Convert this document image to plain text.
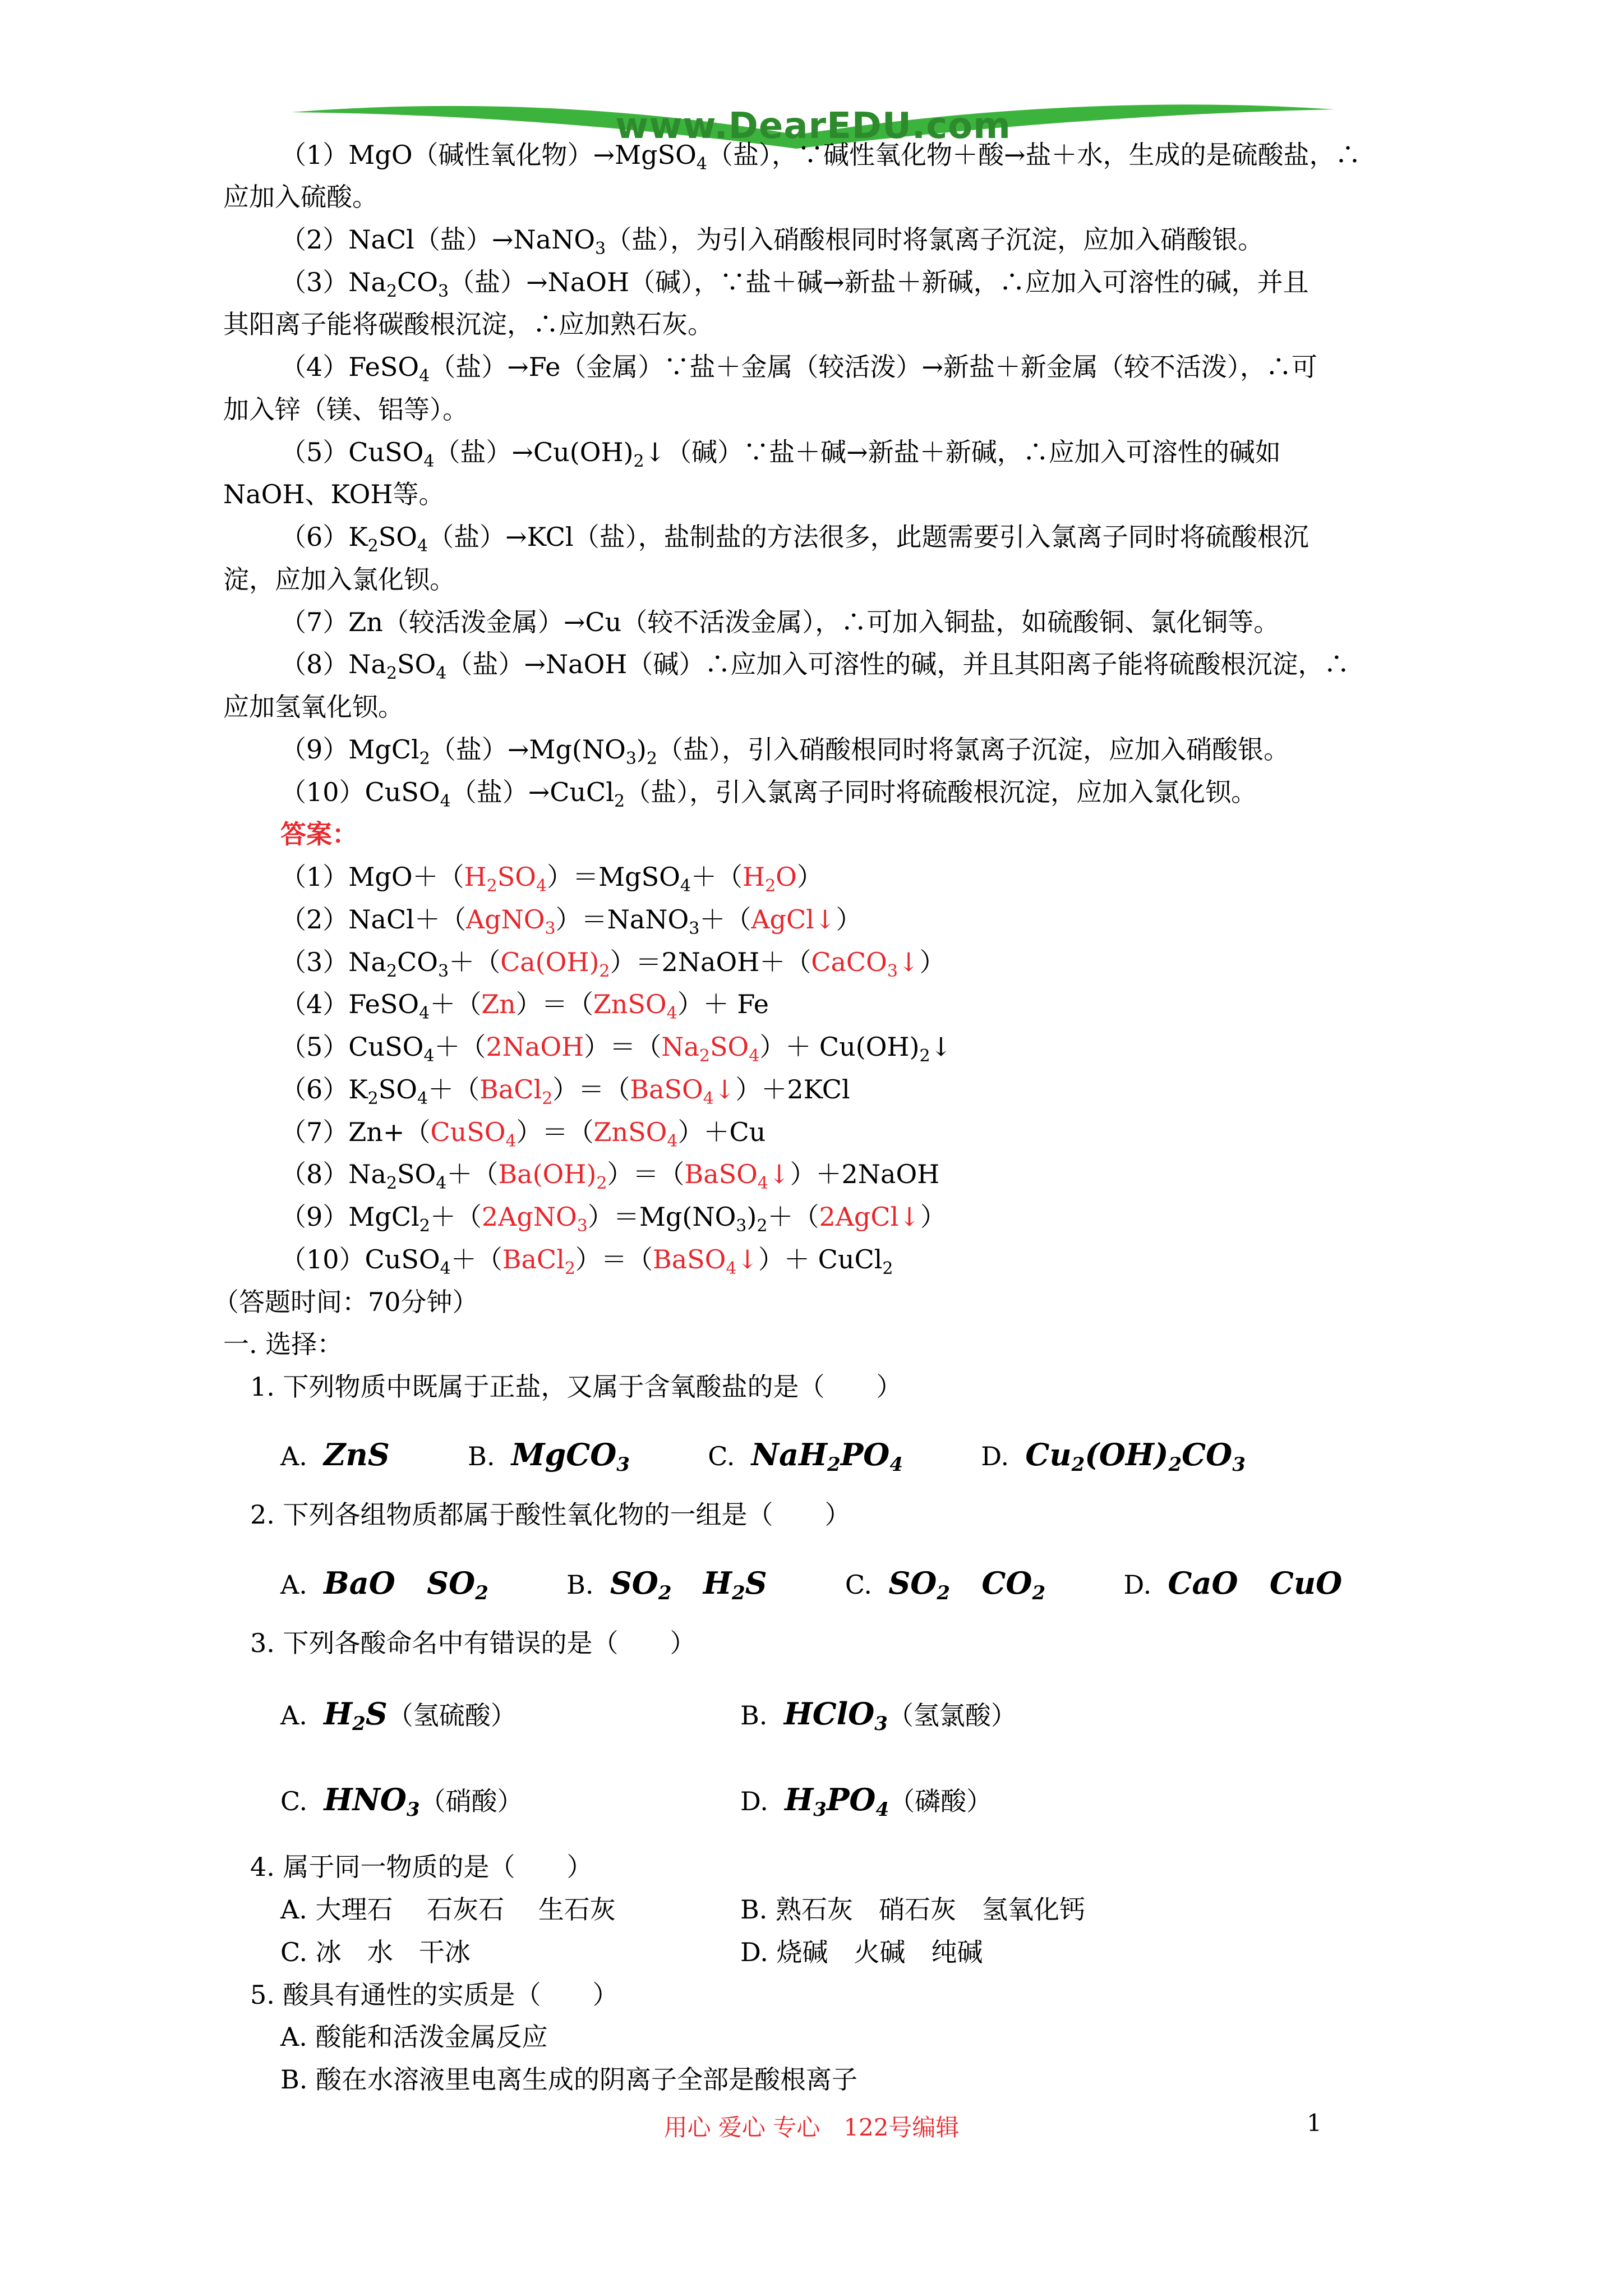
www.DearEDU.com
（1）MgO（碱性氧化物）→MgSO$_4$（盐），∵碱性氧化物＋酸→盐＋水，生成的是硫酸盐，∴
应加入硫酸。
（2）NaCl（盐）→NaNO$_3$（盐），为引入硝酸根同时将氯离子沉淀，应加入硝酸银。
$(3)Na_2CO_3$（盐）→NaOH（碱），∵盐＋碱→新盐＋新碱，∴应加入可溶性的碱，并且
其阳离子能将碳酸根沉淀，∴应加熟石灰。
（4）FeSO$_4$（盐）→Fe（金属）∵盐＋金属（较活泼）→新盐＋新金属（较不活泼），∴可
加入锌（镁、铝等）。
（5）CuSO$_4$（盐）$\to Cu(OH)_2↓$（碱）∵盐＋碱→新盐＋新碱，∴应加入可溶性的碱如
NaOH、KOH等。
$(6)K_2SO_4$（盐）→KCl（盐），盐制盐的方法很多，此题需要引入氯离子同时将硫酸根沉
淀，应加入氯化钡。
（7）Zn（较活泼金属）→Cu（较不活泼金属），∴可加入铜盐，如硫酸铜、氯化铜等。
$(8)Na_2SO_4$（盐）→NaOH（碱）∴应加入可溶性的碱，并且其阳离子能将硫酸根沉淀，∴
应加氢氧化钡。
（9）MgCl$_2$（盐）$\to Mg(NO_3)_2$（盐），引入硝酸根同时将氯离子沉淀，应加入硝酸银。
（10）CuSO$_4$（盐）→CuCl$_2$（盐），引入氯离子同时将硫酸根沉淀，应加入氯化钡。
答案：
$(1)MgO+(H_2SO_4)=MgSO_4+(H_2O)$
（2）NaCl＋（AgNO$_3$）＝NaNO$_3$＋（AgCl↓）
$(3)Na_2CO_3+(Ca(OH)_2)=2NaOH+(CaCO_3↓)$
（4）FeSO$_4$＋（Zn）＝（ZnSO$_4$）＋ Fe
$(5)CuSO_4+(2NaOH)=(Na_2SO_4)+$ $Cu(OH)_2↓$
$(6)K_2SO_4+(BaCl_2)=(BaSO_4↓)+2KCl$
（7）Zn+（CuSO$_4$）＝（ZnSO$_4$）＋Cu
$(8)Na_2SO_4+(Ba(OH)_2)=(BaSO_4↓)+2NaOH$
$(9)MgCl_2+(2AgNO_3)=Mg(NO_3)_2+(2AgCl↓)$
（10）CuSO$_4$＋（BaCl$_2$）＝（BaSO$_4$↓）＋ CuCl$_2$
（答题时间：70分钟）
一. 选择：
1. 下列物质中既属于正盐，又属于含氧酸盐的是（　　）
A. ZnS	B. MgCO$_3$	C. $NaH_2PO_4$	D. $Cu_2(OH)_2CO_3$
2. 下列各组物质都属于酸性氧化物的一组是（　　）
A. BaO   $SO_2$	B. $SO_2$   $H_2S$	C. $SO_2$   $CO_2$	D. CaO   CuO
3. 下列各酸命名中有错误的是（　　）
A. $H_2S$（氢硫酸）	B. HClO$_3$（氢氯酸）
C. $HNO_3$（硝酸）	D. $H_3PO_4$（磷酸）
4. 属于同一物质的是（　　）
A. 大理石　 石灰石　 生石灰	B. 熟石灰　硝石灰　氢氧化钙
C. 冰　水　干冰	D. 烧碱　火碱　纯碱
5. 酸具有通性的实质是（　　）
A. 酸能和活泼金属反应
B. 酸在水溶液里电离生成的阴离子全部是酸根离子
用心 爱心 专心　122号编辑	1
